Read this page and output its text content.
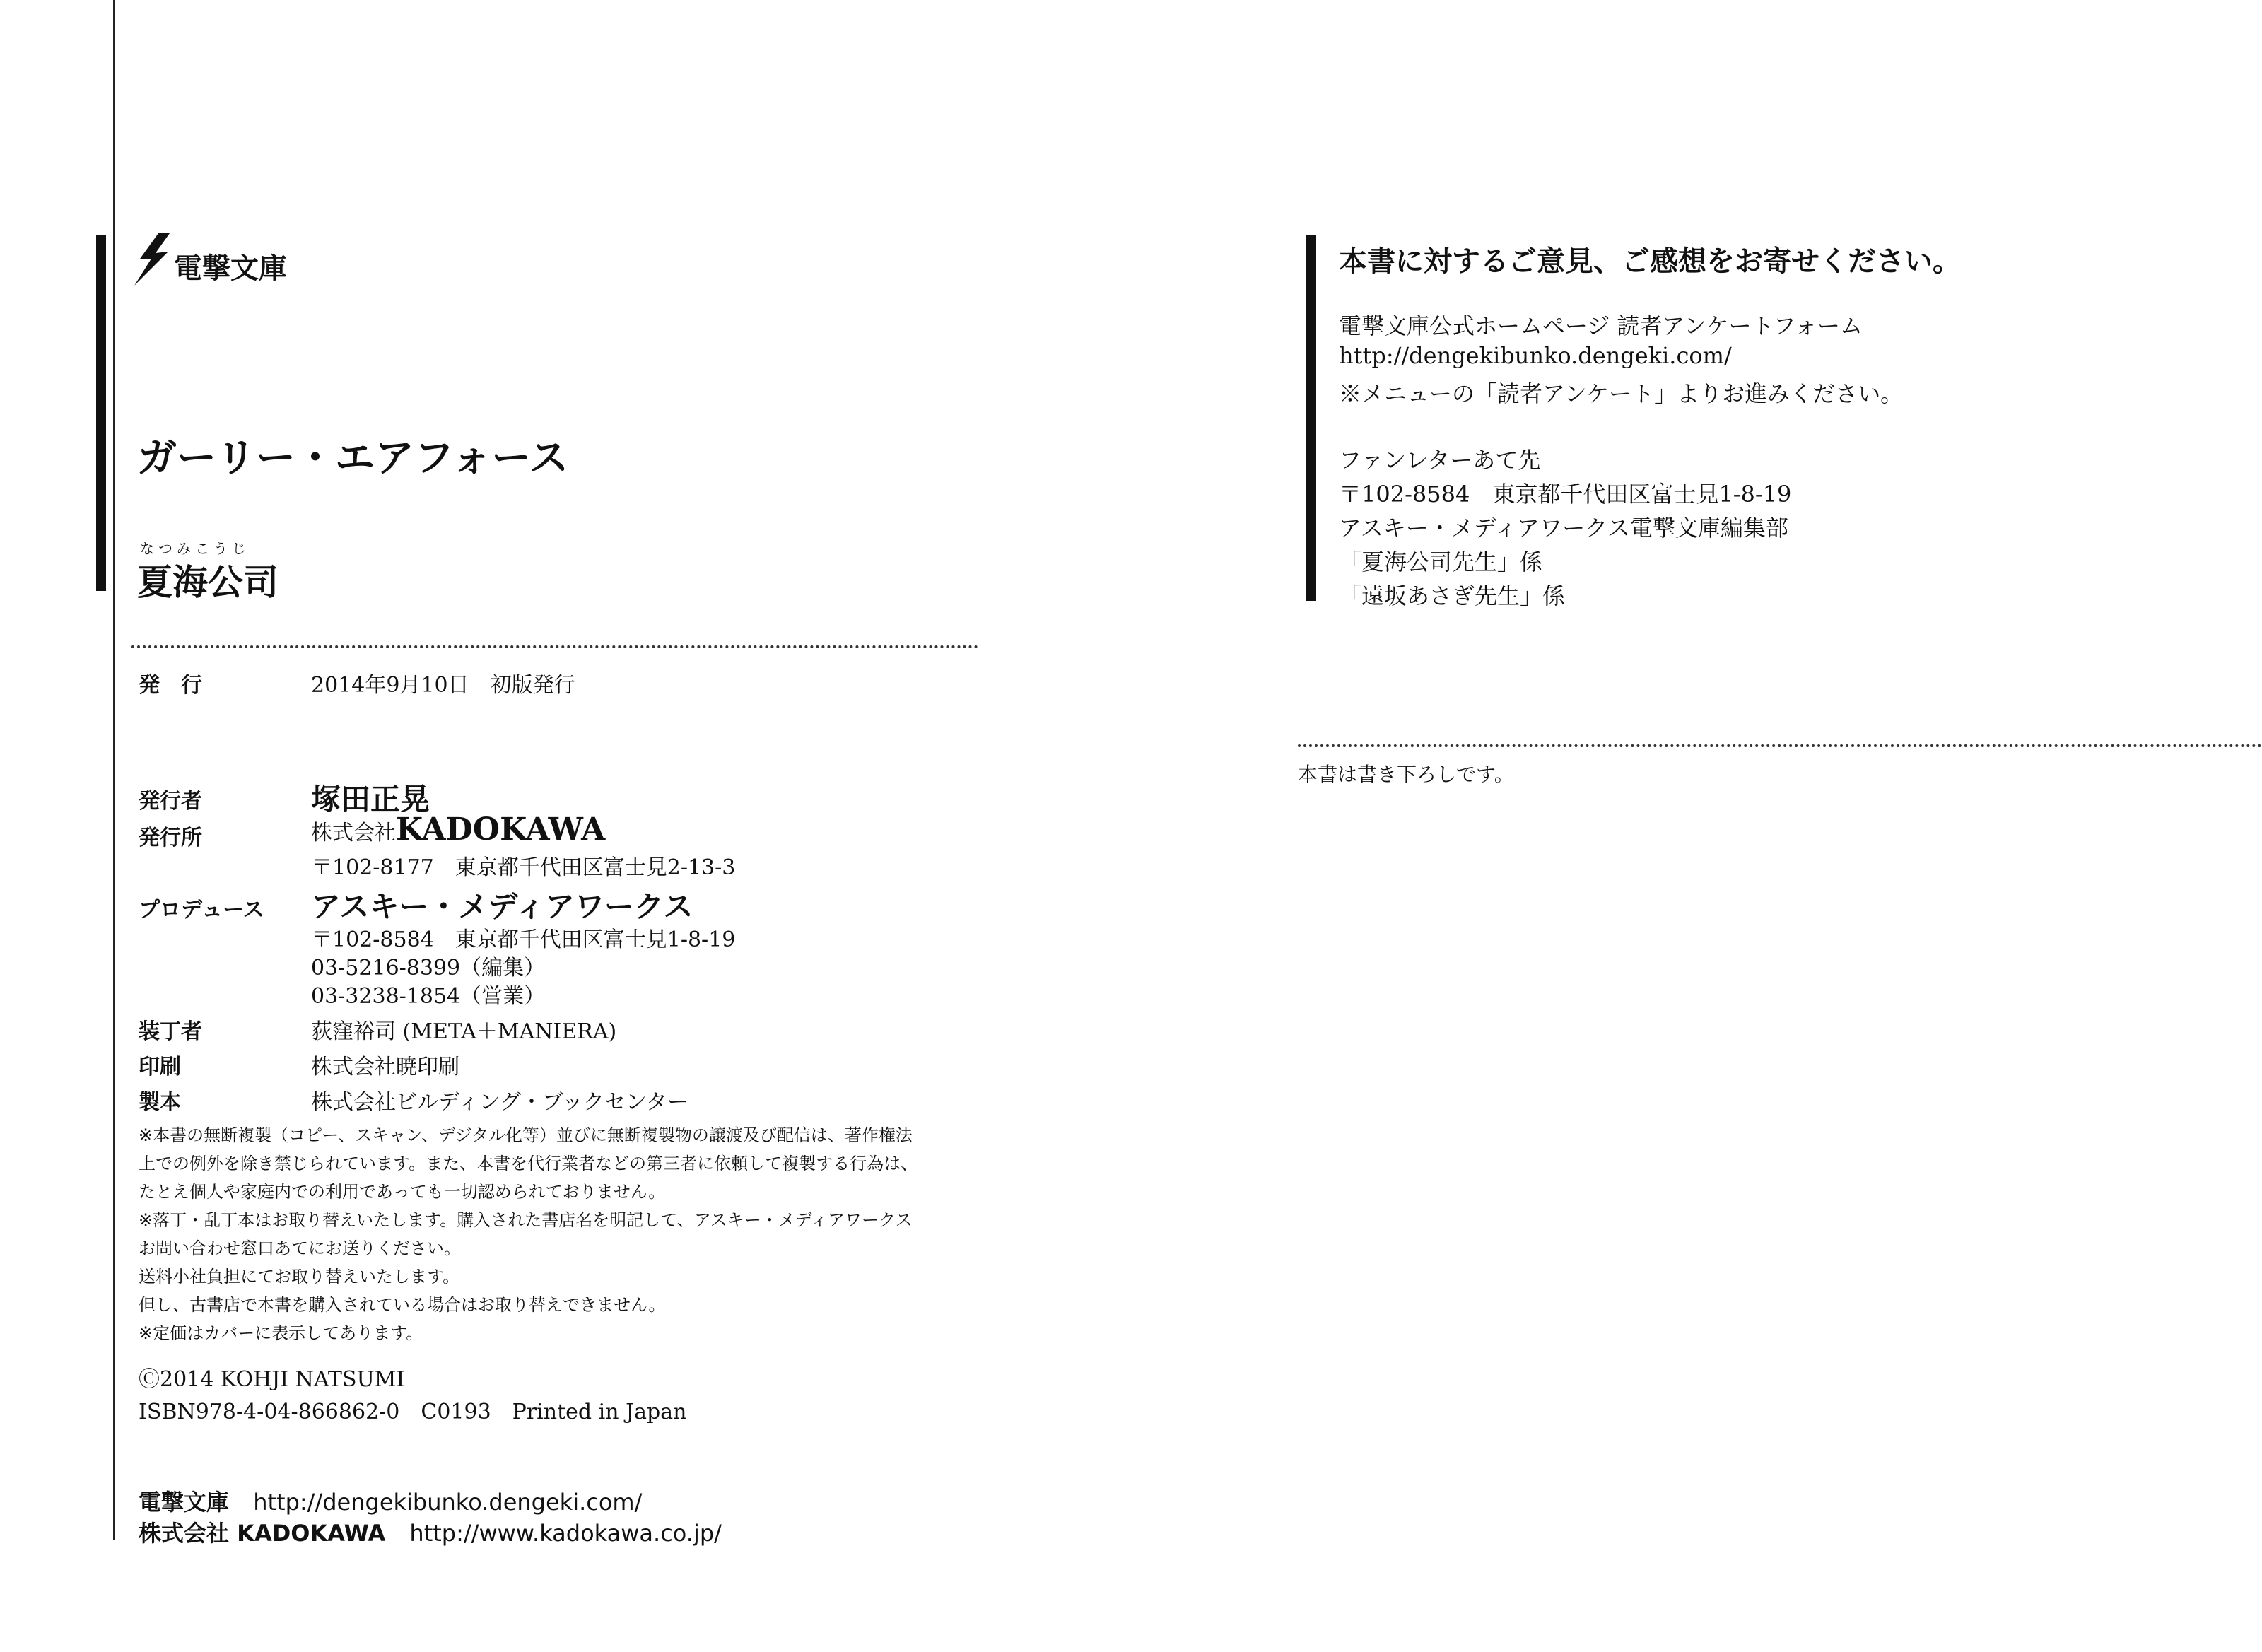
電撃文庫
ガーリー・エアフォース
なつみこうじ
夏海公司
発　行	2014年9月10日　初版発行
発行者	塚田正晃
発行所	株式会社KADOKAWA
〒102-8177　東京都千代田区富士見2-13-3
プロデュース アスキー・メディアワークス
〒102-8584　東京都千代田区富士見1-8-19
03-5216-8399（編集）
03-3238-1854（営業）
装丁者	荻窪裕司 (META＋MANIERA)
印刷	株式会社暁印刷
製本	株式会社ビルディング・ブックセンター
※本書の無断複製（コピー、スキャン、デジタル化等）並びに無断複製物の譲渡及び配信は、著作権法
上での例外を除き禁じられています。また、本書を代行業者などの第三者に依頼して複製する行為は、
たとえ個人や家庭内での利用であっても一切認められておりません。
※落丁・乱丁本はお取り替えいたします。購入された書店名を明記して、アスキー・メディアワークス
お問い合わせ窓口あてにお送りください。
送料小社負担にてお取り替えいたします。
但し、古書店で本書を購入されている場合はお取り替えできません。
※定価はカバーに表示してあります。
Ⓒ2014 KOHJI NATSUMI
ISBN978-4-04-866862-0　C0193　Printed in Japan
電撃文庫 http://dengekibunko.dengeki.com/
株式会社 KADOKAWA http://www.kadokawa.co.jp/
本書に対するご意見、ご感想をお寄せください。
電撃文庫公式ホームページ 読者アンケートフォーム
http://dengekibunko.dengeki.com/
※メニューの「読者アンケート」よりお進みください。
ファンレターあて先
〒102-8584　東京都千代田区富士見1-8-19
アスキー・メディアワークス電撃文庫編集部
「夏海公司先生」係
「遠坂あさぎ先生」係
本書は書き下ろしです。
